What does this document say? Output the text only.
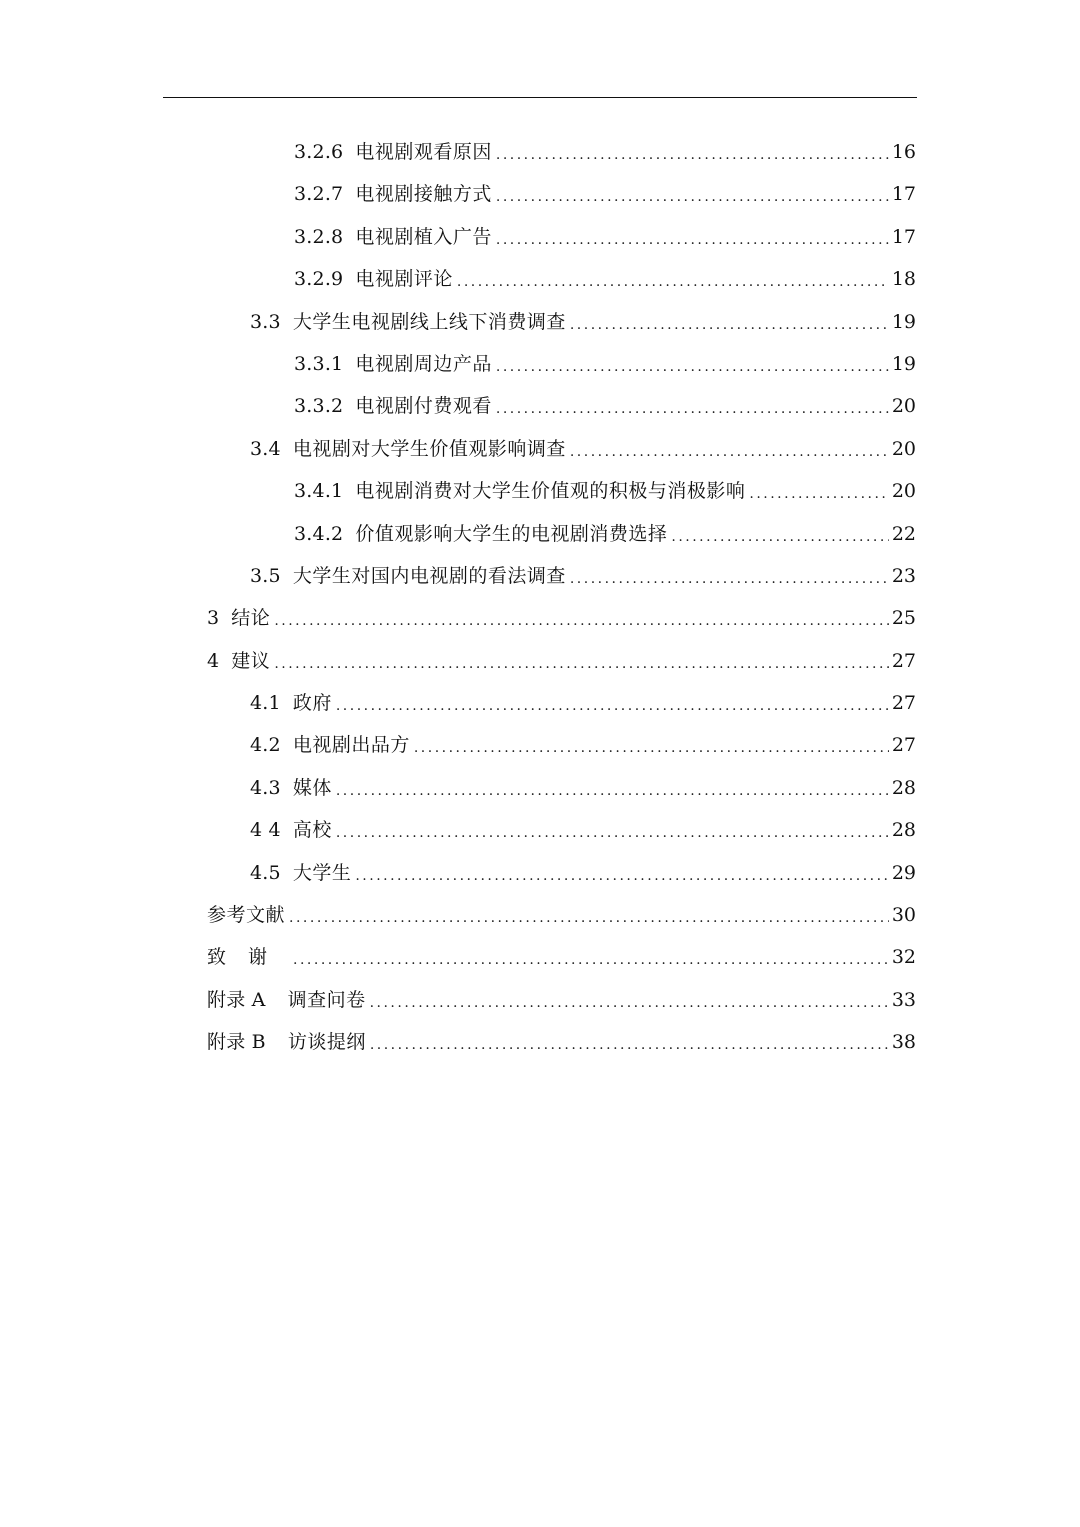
3.2.6 电视剧观看原因 .....	16
3.2.7 电视剧接触方式 .....	17
3.2.8 电视剧植入广告 .....	17
3.2.9 电视剧评论 .....	18
3.3 大学生电视剧线上线下消费调查 .....	19
3.3.1 电视剧周边产品 .....	19
3.3.2 电视剧付费观看 .....	20
3.4 电视剧对大学生价值观影响调查 .....	20
3.4.1 电视剧消费对大学生价值观的积极与消极影响 .....	20
3.4.2 价值观影响大学生的电视剧消费选择 .....	22
3.5 大学生对国内电视剧的看法调查 .....	23
3 结论 .....	25
4 建议 .....	27
4.1 政府 .....	27
4.2 电视剧出品方 .....	27
4.3 媒体 .....	28
4 4 高校 .....	28
4.5 大学生 .....	29
参考文献 .....	30
致谢 .....	32
附录 A 调查问卷 .....	33
附录 B 访谈提纲 .....	38
